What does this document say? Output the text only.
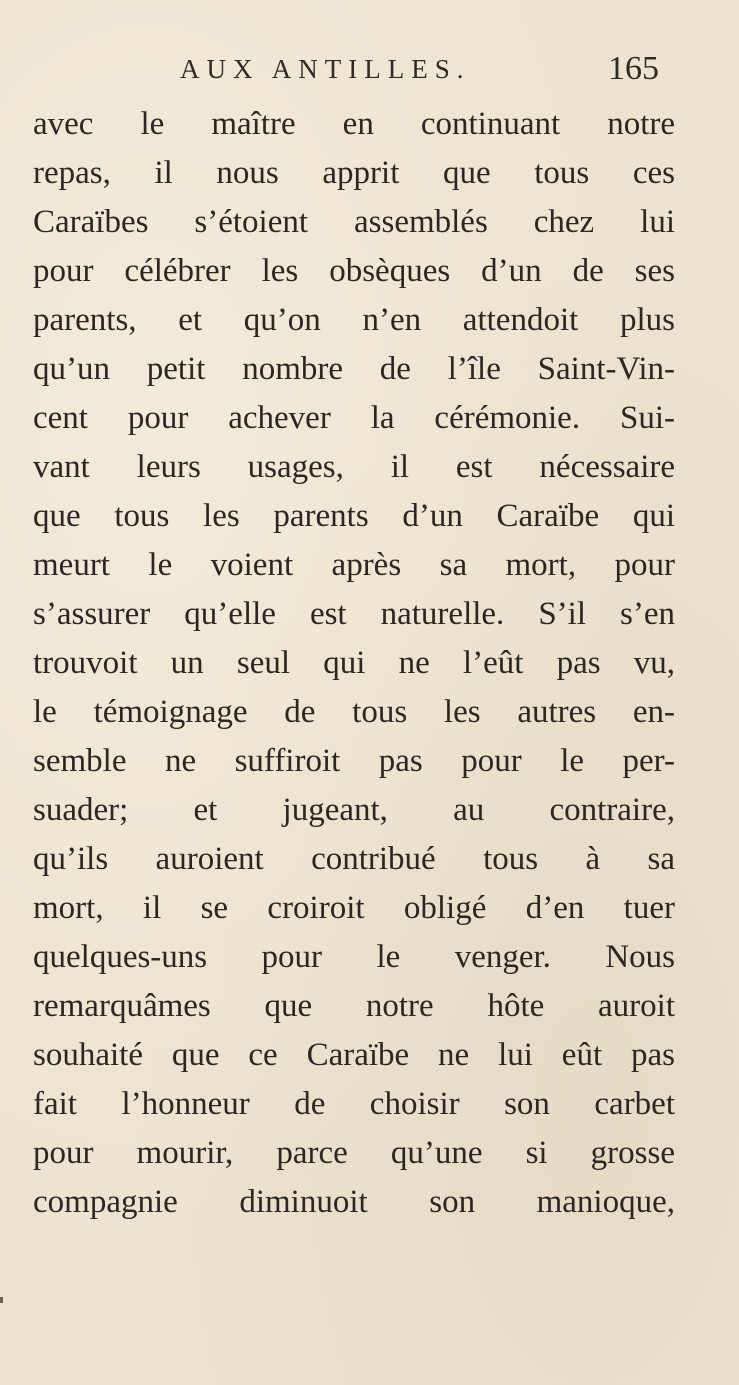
AUX ANTILLES.	165
avec le maître en continuant notre
repas, il nous apprit que tous ces
Caraïbes s’étoient assemblés chez lui
pour célébrer les obsèques d’un de ses
parents, et qu’on n’en attendoit plus
qu’un petit nombre de l’île Saint-Vin-
cent pour achever la cérémonie. Sui-
vant leurs usages, il est nécessaire
que tous les parents d’un Caraïbe qui
meurt le voient après sa mort, pour
s’assurer qu’elle est naturelle. S’il s’en
trouvoit un seul qui ne l’eût pas vu,
le témoignage de tous les autres en-
semble ne suffiroit pas pour le per-
suader; et jugeant, au contraire,
qu’ils auroient contribué tous à sa
mort, il se croiroit obligé d’en tuer
quelques-uns pour le venger. Nous
remarquâmes que notre hôte auroit
souhaité que ce Caraïbe ne lui eût pas
fait l’honneur de choisir son carbet
pour mourir, parce qu’une si grosse
compagnie diminuoit son manioque,
